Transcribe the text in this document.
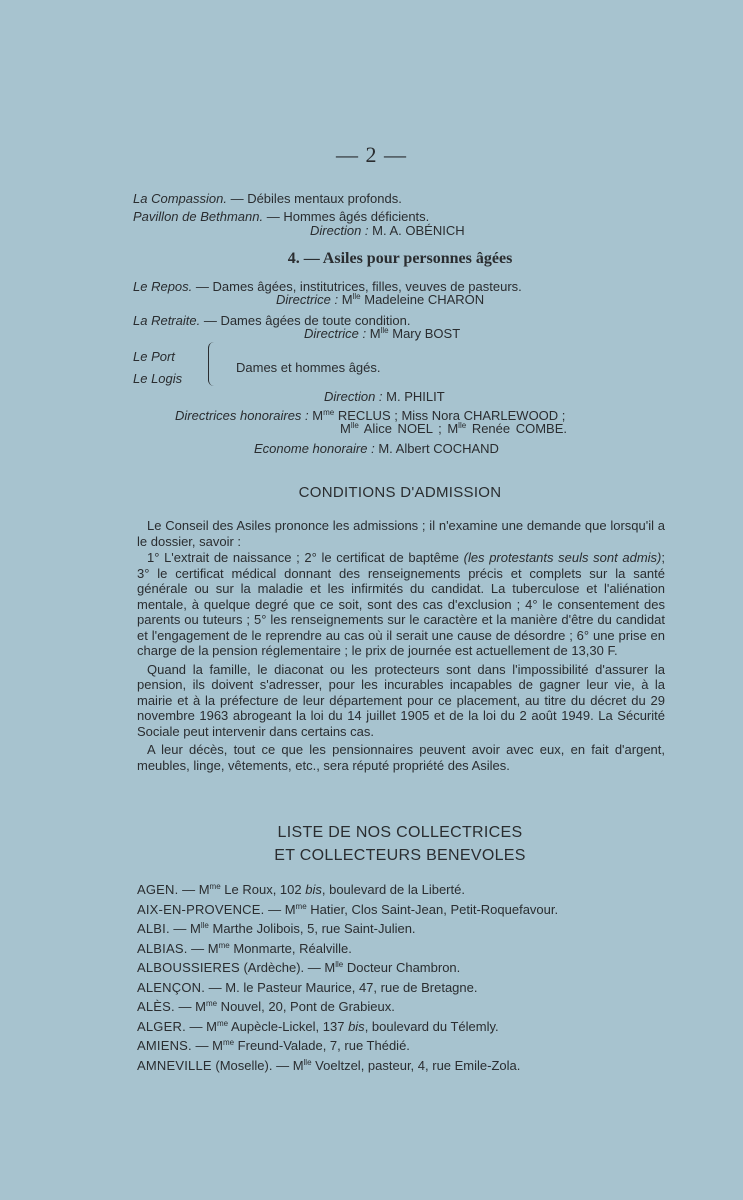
— 2 —
La Compassion. — Débiles mentaux profonds.
Pavillon de Bethmann. — Hommes âgés déficients.
Direction : M. A. OBÉNICH
4. — Asiles pour personnes âgées
Le Repos. — Dames âgées, institutrices, filles, veuves de pasteurs.
Directrice : $M^{lle}$ Madeleine CHARON
La Retraite. — Dames âgées de toute condition.
Directrice : $M^{lle}$ Mary BOST
Le Port
Le Logis
Dames et hommes âgés.
Direction : M. PHILIT
Directrices honoraires : $M^{me}$ RECLUS ; Miss Nora CHARLEWOOD ;
$M^{lle}$ Alice NOEL ; $M^{lle}$ Renée COMBE.
Econome honoraire : M. Albert COCHAND
CONDITIONS D'ADMISSION

Le Conseil des Asiles prononce les admissions ; il n'examine une demande que lorsqu'il a le dossier, savoir :

1° L'extrait de naissance ; 2° le certificat de baptême (les protestants seuls sont admis); 3° le certificat médical donnant des renseignements précis et complets sur la santé générale ou sur la maladie et les infirmités du candidat. La tuberculose et l'aliénation mentale, à quelque degré que ce soit, sont des cas d'exclusion ; 4° le consentement des parents ou tuteurs ; 5° les renseignements sur le caractère et la manière d'être du candidat et l'engagement de le reprendre au cas où il serait une cause de désordre ; 6° une prise en charge de la pension réglementaire ; le prix de journée est actuellement de 13,30 F.

Quand la famille, le diaconat ou les protecteurs sont dans l'impossibilité d'assurer la pension, ils doivent s'adresser, pour les incurables incapables de gagner leur vie, à la mairie et à la préfecture de leur département pour ce placement, au titre du décret du 29 novembre 1963 abrogeant la loi du 14 juillet 1905 et de la loi du 2 août 1949. La Sécurité Sociale peut intervenir dans certains cas.

A leur décès, tout ce que les pensionnaires peuvent avoir avec eux, en fait d'argent, meubles, linge, vêtements, etc., sera réputé propriété des Asiles.

LISTE DE NOS COLLECTRICES
ET COLLECTEURS BENEVOLES
AGEN. — $M^{me}$ Le Roux, 102 bis, boulevard de la Liberté.
AIX-EN-PROVENCE. — $M^{me}$ Hatier, Clos Saint-Jean, Petit-Roquefavour.
ALBI. — $M^{lle}$ Marthe Jolibois, 5, rue Saint-Julien.
ALBIAS. — $M^{me}$ Monmarte, Réalville.
ALBOUSSIERES (Ardèche). — $M^{lle}$ Docteur Chambron.
ALENÇON. — M. le Pasteur Maurice, 47, rue de Bretagne.
ALÈS. — $M^{me}$ Nouvel, 20, Pont de Grabieux.
ALGER. — $M^{me}$ Aupècle-Lickel, 137 bis, boulevard du Télemly.
AMIENS. — $M^{me}$ Freund-Valade, 7, rue Thédié.
AMNEVILLE (Moselle). — $M^{lle}$ Voeltzel, pasteur, 4, rue Emile-Zola.
